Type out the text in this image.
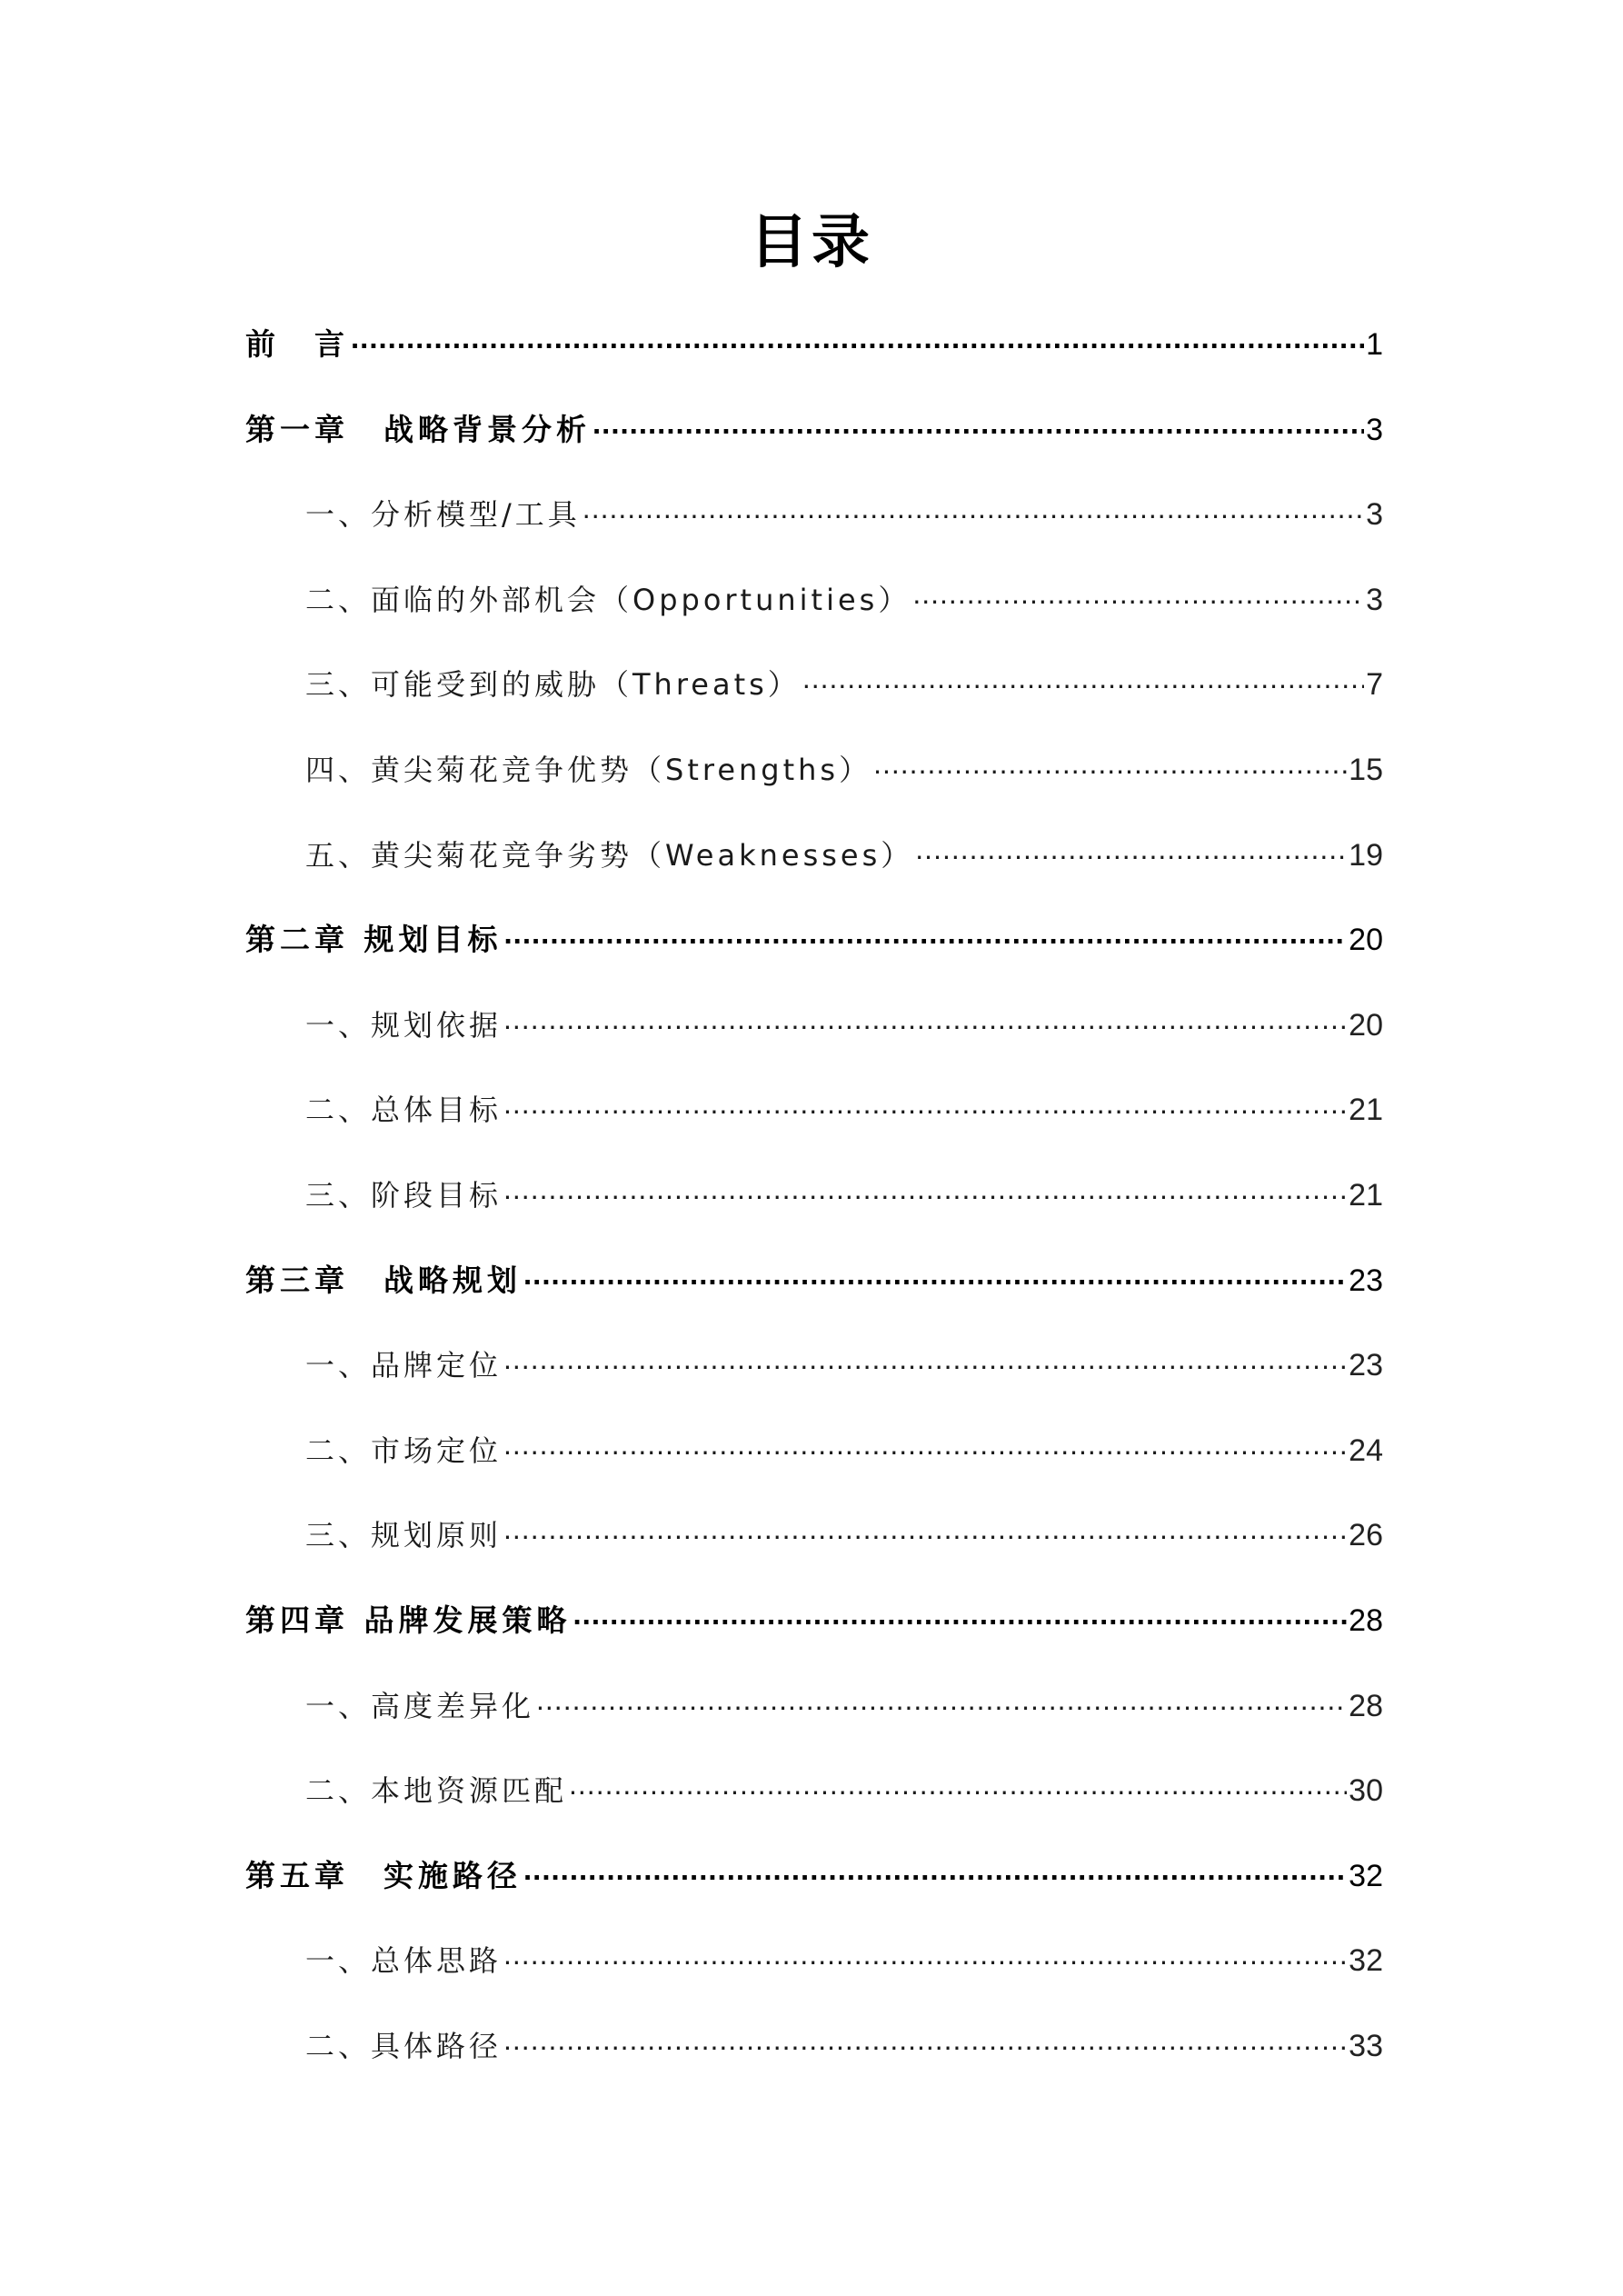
目录
前　言 .....	1
第一章　战略背景分析 .....	3
一、分析模型/工具 .....	3
二、面临的外部机会（Opportunities） .....	3
三、可能受到的威胁（Threats） .....	7
四、黄尖菊花竞争优势（Strengths） .....	15
五、黄尖菊花竞争劣势（Weaknesses） .....	19
第二章 规划目标 .....	20
一、规划依据 .....	20
二、总体目标 .....	21
三、阶段目标 .....	21
第三章　战略规划 .....	23
一、品牌定位 .....	23
二、市场定位 .....	24
三、规划原则 .....	26
第四章 品牌发展策略 .....	28
一、高度差异化 .....	28
二、本地资源匹配 .....	30
第五章　实施路径 .....	32
一、总体思路 .....	32
二、具体路径 .....	33
